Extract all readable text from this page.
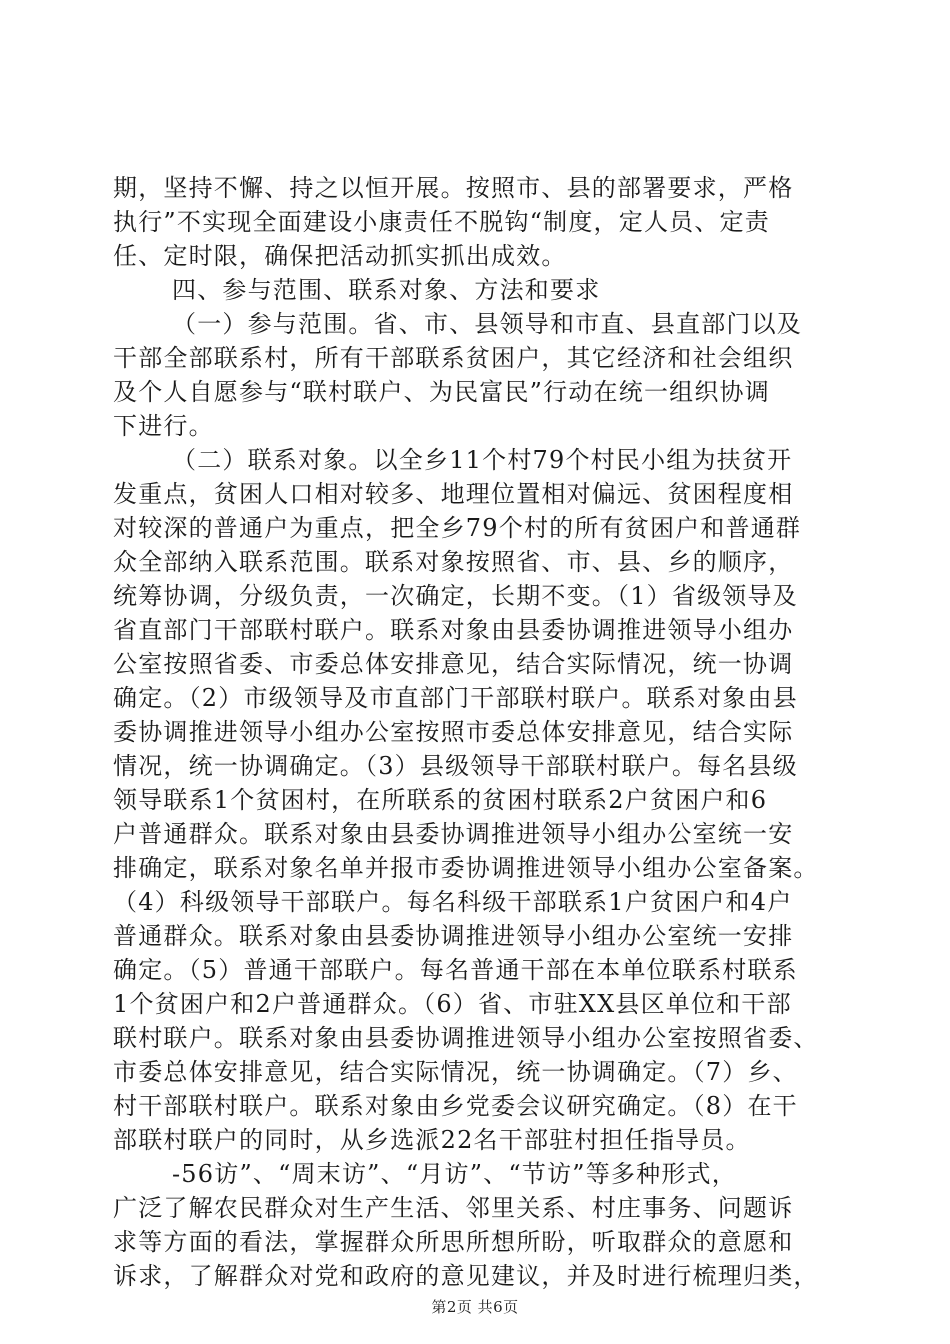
期，坚持不懈、持之以恒开展。按照市、县的部署要求，严格
执行”不实现全面建设小康责任不脱钩“制度，定人员、定责
任、定时限，确保把活动抓实抓出成效。
四、参与范围、联系对象、方法和要求
（一）参与范围。省、市、县领导和市直、县直部门以及
干部全部联系村，所有干部联系贫困户，其它经济和社会组织
及个人自愿参与“联村联户、为民富民”行动在统一组织协调
下进行。
（二）联系对象。以全乡11个村79个村民小组为扶贫开
发重点，贫困人口相对较多、地理位置相对偏远、贫困程度相
对较深的普通户为重点，把全乡79个村的所有贫困户和普通群
众全部纳入联系范围。联系对象按照省、市、县、乡的顺序，
统筹协调，分级负责，一次确定，长期不变。（1）省级领导及
省直部门干部联村联户。联系对象由县委协调推进领导小组办
公室按照省委、市委总体安排意见，结合实际情况，统一协调
确定。（2）市级领导及市直部门干部联村联户。联系对象由县
委协调推进领导小组办公室按照市委总体安排意见，结合实际
情况，统一协调确定。（3）县级领导干部联村联户。每名县级
领导联系1个贫困村，在所联系的贫困村联系2户贫困户和6
户普通群众。联系对象由县委协调推进领导小组办公室统一安
排确定，联系对象名单并报市委协调推进领导小组办公室备案。
（4）科级领导干部联户。每名科级干部联系1户贫困户和4户
普通群众。联系对象由县委协调推进领导小组办公室统一安排
确定。（5）普通干部联户。每名普通干部在本单位联系村联系
1个贫困户和2户普通群众。（6）省、市驻XX县区单位和干部
联村联户。联系对象由县委协调推进领导小组办公室按照省委、
市委总体安排意见，结合实际情况，统一协调确定。（7）乡、
村干部联村联户。联系对象由乡党委会议研究确定。（8）在干
部联村联户的同时，从乡选派22名干部驻村担任指导员。
-56访”、“周末访”、“月访”、“节访”等多种形式，
广泛了解农民群众对生产生活、邻里关系、村庄事务、问题诉
求等方面的看法，掌握群众所思所想所盼，听取群众的意愿和
诉求，了解群众对党和政府的意见建议，并及时进行梳理归类，
第2页 共6页
